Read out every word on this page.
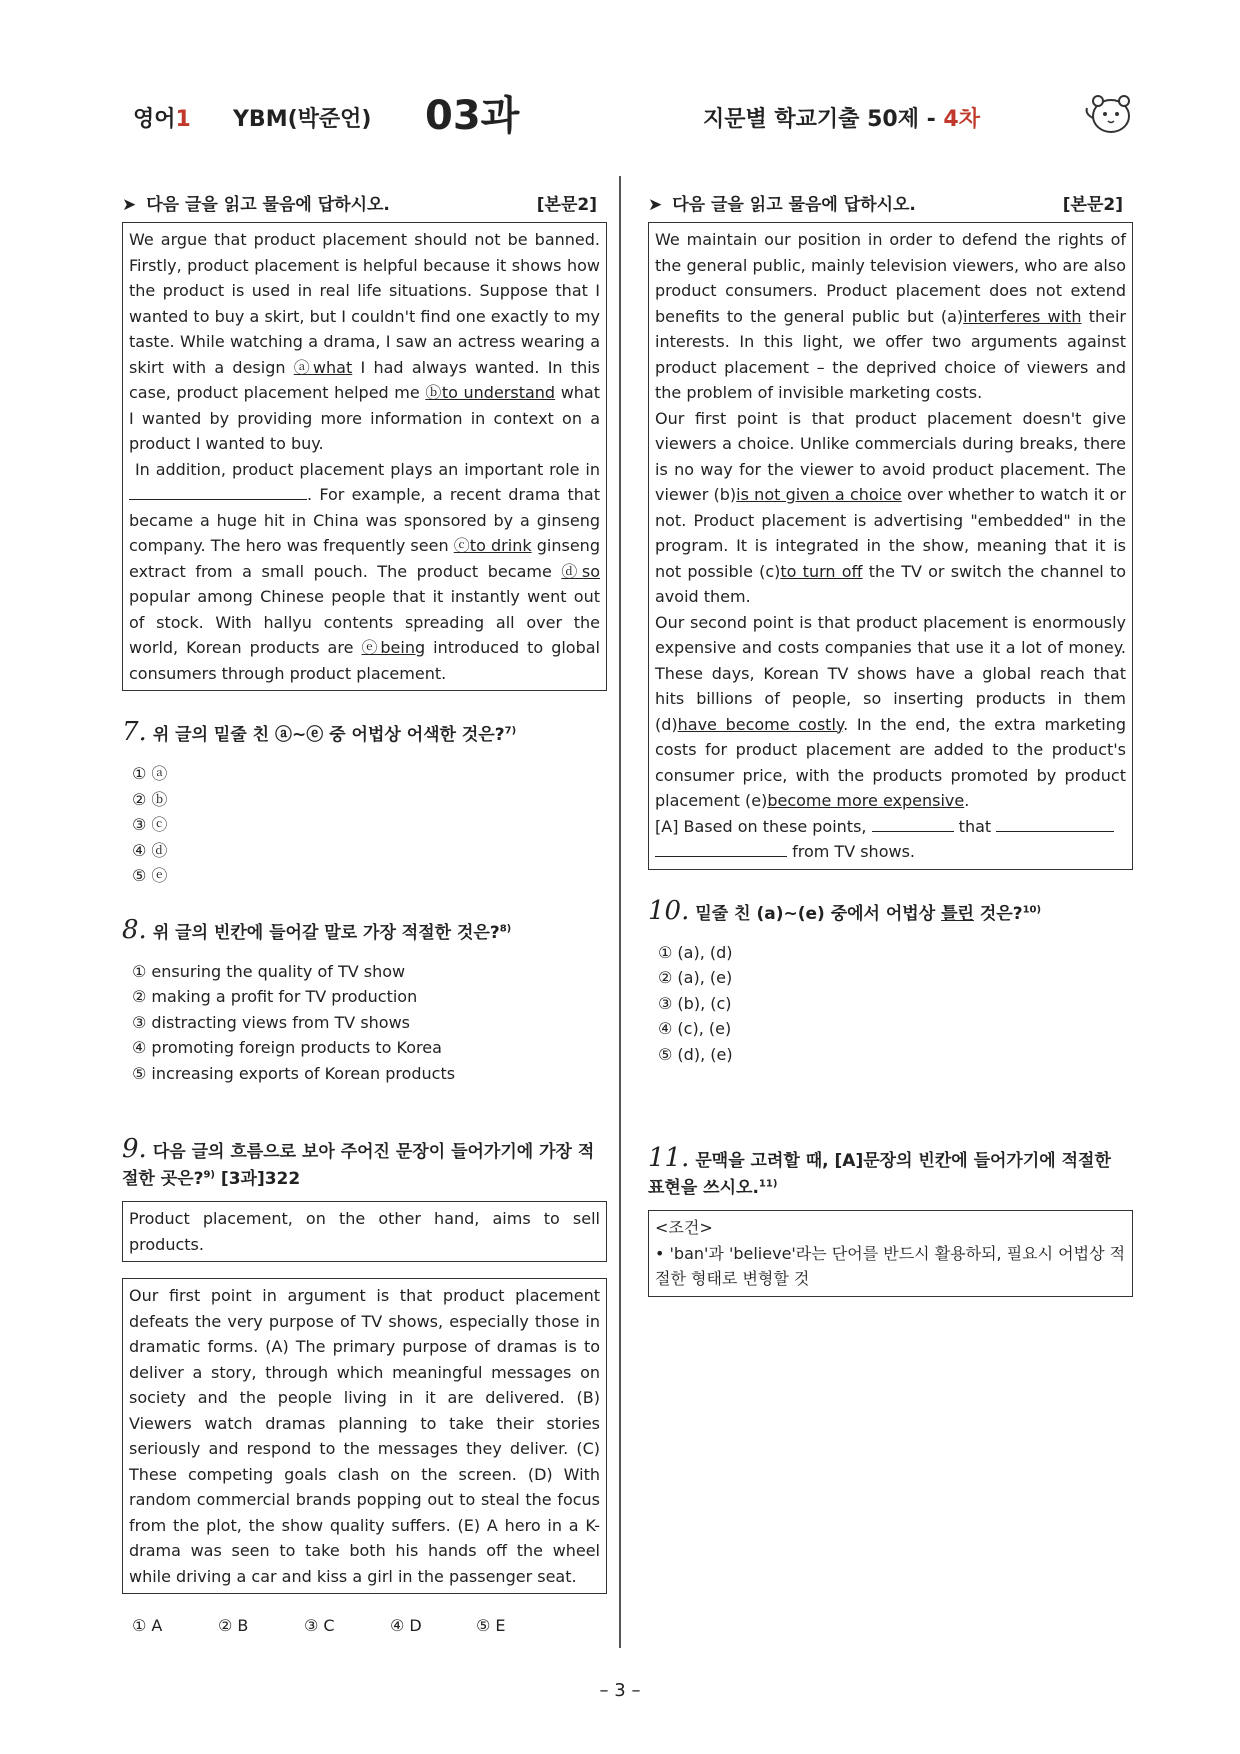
영어1 YBM(박준언) 03과	지문별 학교기출 50제 - 4차
➤ 다음 글을 읽고 물음에 답하시오.	[본문2]
We argue that product placement should not be banned. Firstly, product placement is helpful because it shows how the product is used in real life situations. Suppose that I wanted to buy a skirt, but I couldn't find one exactly to my taste. While watching a drama, I saw an actress wearing a skirt with a design ⓐwhat I had always wanted. In this case, product placement helped me ⓑto understand what I wanted by providing more information in context on a product I wanted to buy.
In addition, product placement plays an important role in . For example, a recent drama that became a huge hit in China was sponsored by a ginseng company. The hero was frequently seen ⓒto drink ginseng extract from a small pouch. The product became ⓓso popular among Chinese people that it instantly went out of stock. With hallyu contents spreading all over the world, Korean products are ⓔbeing introduced to global consumers through product placement.
7. 위 글의 밑줄 친 ⓐ~ⓔ 중 어법상 어색한 것은?$^{7)}$
① ⓐ
② ⓑ
③ ⓒ
④ ⓓ
⑤ ⓔ
8. 위 글의 빈칸에 들어갈 말로 가장 적절한 것은?$^{8)}$
① ensuring the quality of TV show
② making a profit for TV production
③ distracting views from TV shows
④ promoting foreign products to Korea
⑤ increasing exports of Korean products
9. 다음 글의 흐름으로 보아 주어진 문장이 들어가기에 가장 적절한 곳은?$^{9)}$ [3과]322
Product placement, on the other hand, aims to sell products.
Our first point in argument is that product placement defeats the very purpose of TV shows, especially those in dramatic forms. (A) The primary purpose of dramas is to deliver a story, through which meaningful messages on society and the people living in it are delivered. (B) Viewers watch dramas planning to take their stories seriously and respond to the messages they deliver. (C) These competing goals clash on the screen. (D) With random commercial brands popping out to steal the focus from the plot, the show quality suffers. (E) A hero in a K-drama was seen to take both his hands off the wheel while driving a car and kiss a girl in the passenger seat.
① A	② B	③ C	④ D	⑤ E
➤ 다음 글을 읽고 물음에 답하시오.	[본문2]
We maintain our position in order to defend the rights of the general public, mainly television viewers, who are also product consumers. Product placement does not extend benefits to the general public but (a)interferes with their interests. In this light, we offer two arguments against product placement – the deprived choice of viewers and the problem of invisible marketing costs.
Our first point is that product placement doesn't give viewers a choice. Unlike commercials during breaks, there is no way for the viewer to avoid product placement. The viewer (b)is not given a choice over whether to watch it or not. Product placement is advertising "embedded" in the program. It is integrated in the show, meaning that it is not possible (c)to turn off the TV or switch the channel to avoid them.
Our second point is that product placement is enormously expensive and costs companies that use it a lot of money. These days, Korean TV shows have a global reach that hits billions of people, so inserting products in them (d)have become costly. In the end, the extra marketing costs for product placement are added to the product's consumer price, with the products promoted by product placement (e)become more expensive.
[A] Based on these points,	that
from TV shows.
10. 밑줄 친 (a)~(e) 중에서 어법상 틀린 것은?$^{10)}$
① (a), (d)
② (a), (e)
③ (b), (c)
④ (c), (e)
⑤ (d), (e)
11. 문맥을 고려할 때, [A]문장의 빈칸에 들어가기에 적절한 표현을 쓰시오.$^{11)}$
<조건>
• 'ban'과 'believe'라는 단어를 반드시 활용하되, 필요시 어법상 적절한 형태로 변형할 것
– 3 –
